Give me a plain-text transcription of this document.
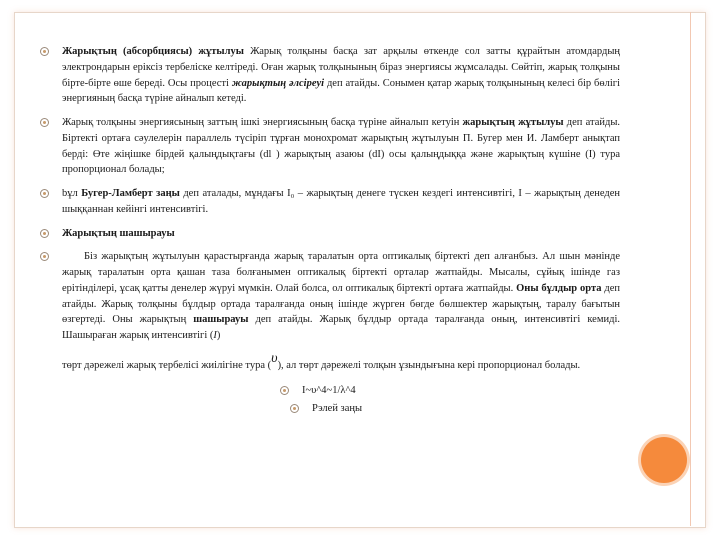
Жарықтың (абсорбциясы) жұтылуы Жарық толқыны басқа зат арқылы өткенде сол затты құрайтын атомдардың электрондарын еріксіз тербеліске келтіреді. Оған жарық толқынының біраз энергиясы жұмсалады. Сөйтіп, жарық толқыны бірте-бірте өше береді. Осы процесті жарықтың әлсіреуі деп атайды. Сонымен қатар жарық толқынының келесі бір бөлігі энергияның басқа түріне айналып кетеді.
Жарық толқыны энергиясының заттың ішкі энергиясының басқа түріне айналып кетуін жарықтың жұтылуы деп атайды. Біртекті ортаға сәулелерін параллель түсіріп тұрған монохромат жарықтың жұтылуын П. Бугер мен И. Ламберт анықтап берді: Өте жіңішке бірдей қалыңдықтағы (dl ) жарықтың азаюы (dI) осы қалыңдыққа және жарықтың күшіне (I) тура пропорционал болады;
bұл Бугер-Ламберт заңы деп аталады, мұндағы I₀ – жарықтың денеге түскен кездегі интенсивтігі, I – жарықтың денеден шыққаннан кейінгі интенсивтігі.
Жарықтың шашырауы
Біз жарықтың жұтылуын қарастырғанда жарық таралатын орта оптикалық біртекті деп алғанбыз. Ал шын мәнінде жарық таралатын орта қашан таза болғанымен оптикалық біртекті орталар жатпайды. Мысалы, сұйық ішінде газ ерітінділері, ұсақ қатты денелер жүруі мүмкін. Олай болса, ол оптикалық біртекті ортаға жатпайды. Оны бұлдыр орта деп атайды. Жарық толқыны бұлдыр ортада таралғанда оның ішінде жүрген бөгде бөлшектер жарықтың, таралу бағытын өзгертеді. Оны жарықтың шашырауы деп атайды. Жарық бұлдыр ортада таралғанда оның, интенсивтігі кемиді. Шашыраған жарық интенсивтігі (I)
төрт дәрежелі жарық тербелісі жиілігіне тура (υ), ал төрт дәрежелі толқын ұзындығына кері пропорционал болады.
I~υ^4~1/λ^4
Рэлей заңы
